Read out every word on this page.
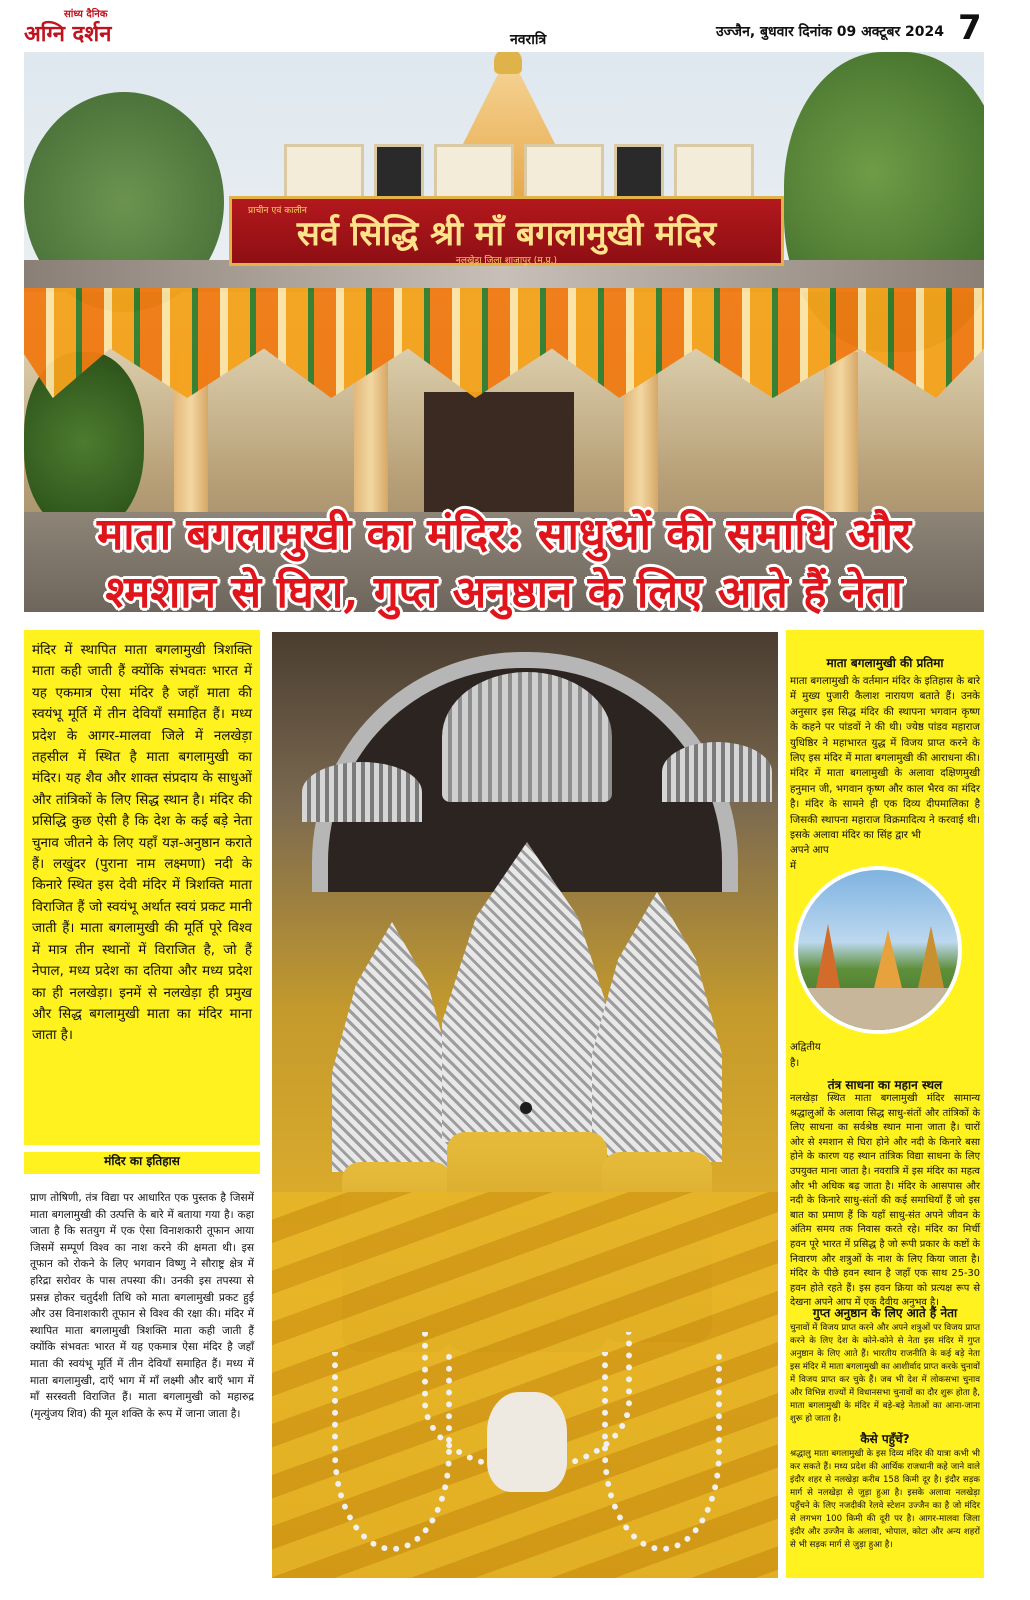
सांध्य दैनिक
अग्नि दर्शन	नवरात्रि	उज्जैन, बुधवार दिनांक 09 अक्टूबर 2024 7
प्राचीन एवं कालीन
सर्व सिद्धि श्री माँ बगलामुखी मंदिर
नलखेड़ा जिला शाजापुर (म.प्र.)
माता बगलामुखी का मंदिर: साधुओं की समाधि और
श्मशान से घिरा, गुप्त अनुष्ठान के लिए आते हैं नेता
मंदिर में स्थापित माता बगलामुखी त्रिशक्ति माता कही जाती हैं क्योंकि संभवतः भारत में यह एकमात्र ऐसा मंदिर है जहाँ माता की स्वयंभू मूर्ति में तीन देवियाँ समाहित हैं। मध्य प्रदेश के आगर-मालवा जिले में नलखेड़ा तहसील में स्थित है माता बगलामुखी का मंदिर। यह शैव और शाक्त संप्रदाय के साधुओं और तांत्रिकों के लिए सिद्ध स्थान है। मंदिर की प्रसिद्धि कुछ ऐसी है कि देश के कई बड़े नेता चुनाव जीतने के लिए यहाँ यज्ञ-अनुष्ठान कराते हैं। लखुंदर (पुराना नाम लक्ष्मणा) नदी के किनारे स्थित इस देवी मंदिर में त्रिशक्ति माता विराजित हैं जो स्वयंभू अर्थात स्वयं प्रकट मानी जाती हैं। माता बगलामुखी की मूर्ति पूरे विश्व में मात्र तीन स्थानों में विराजित है, जो हैं नेपाल, मध्य प्रदेश का दतिया और मध्य प्रदेश का ही नलखेड़ा। इनमें से नलखेड़ा ही प्रमुख और सिद्ध बगलामुखी माता का मंदिर माना जाता है।
मंदिर का इतिहास
प्राण तोषिणी, तंत्र विद्या पर आधारित एक पुस्तक है जिसमें माता बगलामुखी की उत्पत्ति के बारे में बताया गया है। कहा जाता है कि सतयुग में एक ऐसा विनाशकारी तूफान आया जिसमें सम्पूर्ण विश्व का नाश करने की क्षमता थी। इस तूफान को रोकने के लिए भगवान विष्णु ने सौराष्ट्र क्षेत्र में हरिद्रा सरोवर के पास तपस्या की। उनकी इस तपस्या से प्रसन्न होकर चतुर्दशी तिथि को माता बगलामुखी प्रकट हुई और उस विनाशकारी तूफान से विश्व की रक्षा की। मंदिर में स्थापित माता बगलामुखी त्रिशक्ति माता कही जाती हैं क्योंकि संभवतः भारत में यह एकमात्र ऐसा मंदिर है जहाँ माता की स्वयंभू मूर्ति में तीन देवियाँ समाहित हैं। मध्य में माता बगलामुखी, दाएँ भाग में माँ लक्ष्मी और बाएँ भाग में माँ सरस्वती विराजित हैं। माता बगलामुखी को महारुद्र (मृत्युंजय शिव) की मूल शक्ति के रूप में जाना जाता है।
माता बगलामुखी की प्रतिमा
माता बगलामुखी के वर्तमान मंदिर के इतिहास के बारे में मुख्य पुजारी कैलाश नारायण बताते हैं। उनके अनुसार इस सिद्ध मंदिर की स्थापना भगवान कृष्ण के कहने पर पांडवों ने की थी। ज्येष्ठ पांडव महाराज युधिष्ठिर ने महाभारत युद्ध में विजय प्राप्त करने के लिए इस मंदिर में माता बगलामुखी की आराधना की। मंदिर में माता बगलामुखी के अलावा दक्षिणमुखी हनुमान जी, भगवान कृष्ण और काल भैरव का मंदिर है। मंदिर के सामने ही एक दिव्य दीपमालिका है जिसकी स्थापना महाराज विक्रमादित्य ने करवाई थी। इसके अलावा मंदिर का सिंह द्वार भी
अपने आप
में
अद्वितीय
है।
तंत्र साधना का महान स्थल
नलखेड़ा स्थित माता बगलामुखी मंदिर सामान्य श्रद्धालुओं के अलावा सिद्ध साधु-संतों और तांत्रिकों के लिए साधना का सर्वश्रेष्ठ स्थान माना जाता है। चारों ओर से श्मशान से घिरा होने और नदी के किनारे बसा होने के कारण यह स्थान तांत्रिक विद्या साधना के लिए उपयुक्त माना जाता है। नवरात्रि में इस मंदिर का महत्व और भी अधिक बढ़ जाता है। मंदिर के आसपास और नदी के किनारे साधु-संतों की कई समाधियाँ हैं जो इस बात का प्रमाण हैं कि यहाँ साधु-संत अपने जीवन के अंतिम समय तक निवास करते रहे। मंदिर का मिर्ची हवन पूरे भारत में प्रसिद्ध है जो रूपी प्रकार के कष्टों के निवारण और शत्रुओं के नाश के लिए किया जाता है। मंदिर के पीछे हवन स्थान है जहाँ एक साथ 25-30 हवन होते रहते हैं। इस हवन क्रिया को प्रत्यक्ष रूप से देखना अपने आप में एक दैवीय अनुभव है।
गुप्त अनुष्ठान के लिए आते हैं नेता
चुनावों में विजय प्राप्त करने और अपने शत्रुओं पर विजय प्राप्त करने के लिए देश के कोने-कोने से नेता इस मंदिर में गुप्त अनुष्ठान के लिए आते हैं। भारतीय राजनीति के कई बड़े नेता इस मंदिर में माता बगलामुखी का आशीर्वाद प्राप्त करके चुनावों में विजय प्राप्त कर चुके हैं। जब भी देश में लोकसभा चुनाव और विभिन्न राज्यों में विधानसभा चुनावों का दौर शुरू होता है, माता बगलामुखी के मंदिर में बड़े-बड़े नेताओं का आना-जाना शुरू हो जाता है।
कैसे पहुँचें?
श्रद्धालु माता बगलामुखी के इस दिव्य मंदिर की यात्रा कभी भी कर सकते हैं। मध्य प्रदेश की आर्थिक राजधानी कहे जाने वाले इंदौर शहर से नलखेड़ा करीब 158 किमी दूर है। इंदौर सड़क मार्ग से नलखेड़ा से जुड़ा हुआ है। इसके अलावा नलखेड़ा पहुँचने के लिए नजदीकी रेलवे स्टेशन उज्जैन का है जो मंदिर से लगभग 100 किमी की दूरी पर है। आगर-मालवा जिला इंदौर और उज्जैन के अलावा, भोपाल, कोटा और अन्य शहरों से भी सड़क मार्ग से जुड़ा हुआ है।
